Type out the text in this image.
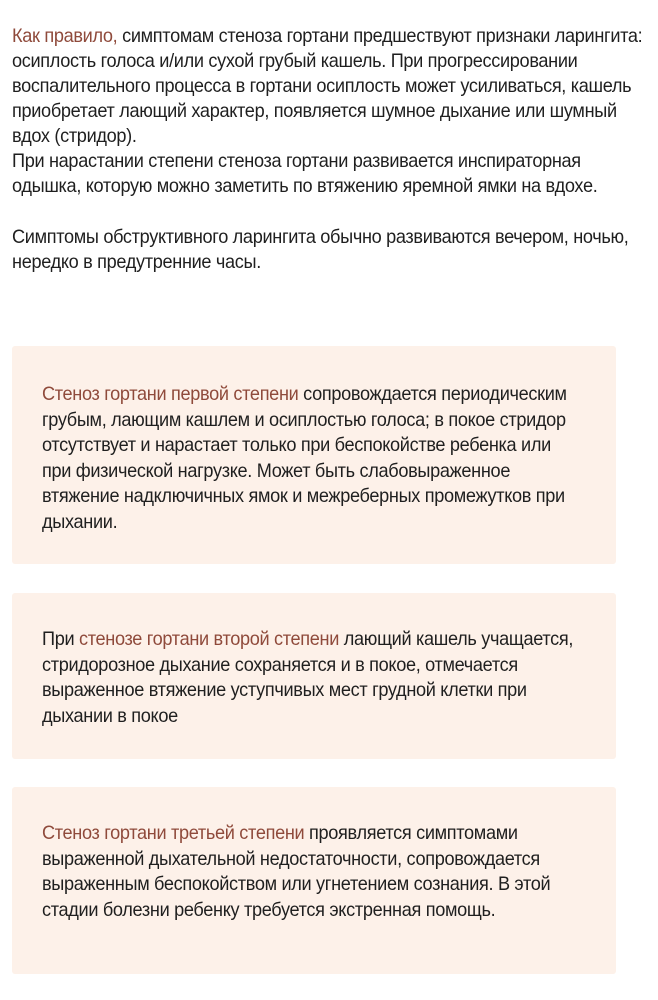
Как правило, симптомам стеноза гортани предшествуют признаки ларингита: осиплость голоса и/или сухой грубый кашель. При прогрессировании воспалительного процесса в гортани осиплость может усиливаться, кашель приобретает лающий характер, появляется шумное дыхание или шумный вдох (стридор).
При нарастании степени стеноза гортани развивается инспираторная одышка, которую можно заметить по втяжению яремной ямки на вдохе.

Симптомы обструктивного ларингита обычно развиваются вечером, ночью, нередко в предутренние часы.

Стеноз гортани первой степени сопровождается периодическим грубым, лающим кашлем и осиплостью голоса; в покое стридор отсутствует и нарастает только при беспокойстве ребенка или при физической нагрузке. Может быть слабовыраженное втяжение надключичных ямок и межреберных промежутков при дыхании.

При стенозе гортани второй степени лающий кашель учащается, стридорозное дыхание сохраняется и в покое, отмечается выраженное втяжение уступчивых мест грудной клетки при дыхании в покое

Стеноз гортани третьей степени проявляется симптомами выраженной дыхательной недостаточности, сопровождается выраженным беспокойством или угнетением сознания. В этой стадии болезни ребенку требуется экстренная помощь.
